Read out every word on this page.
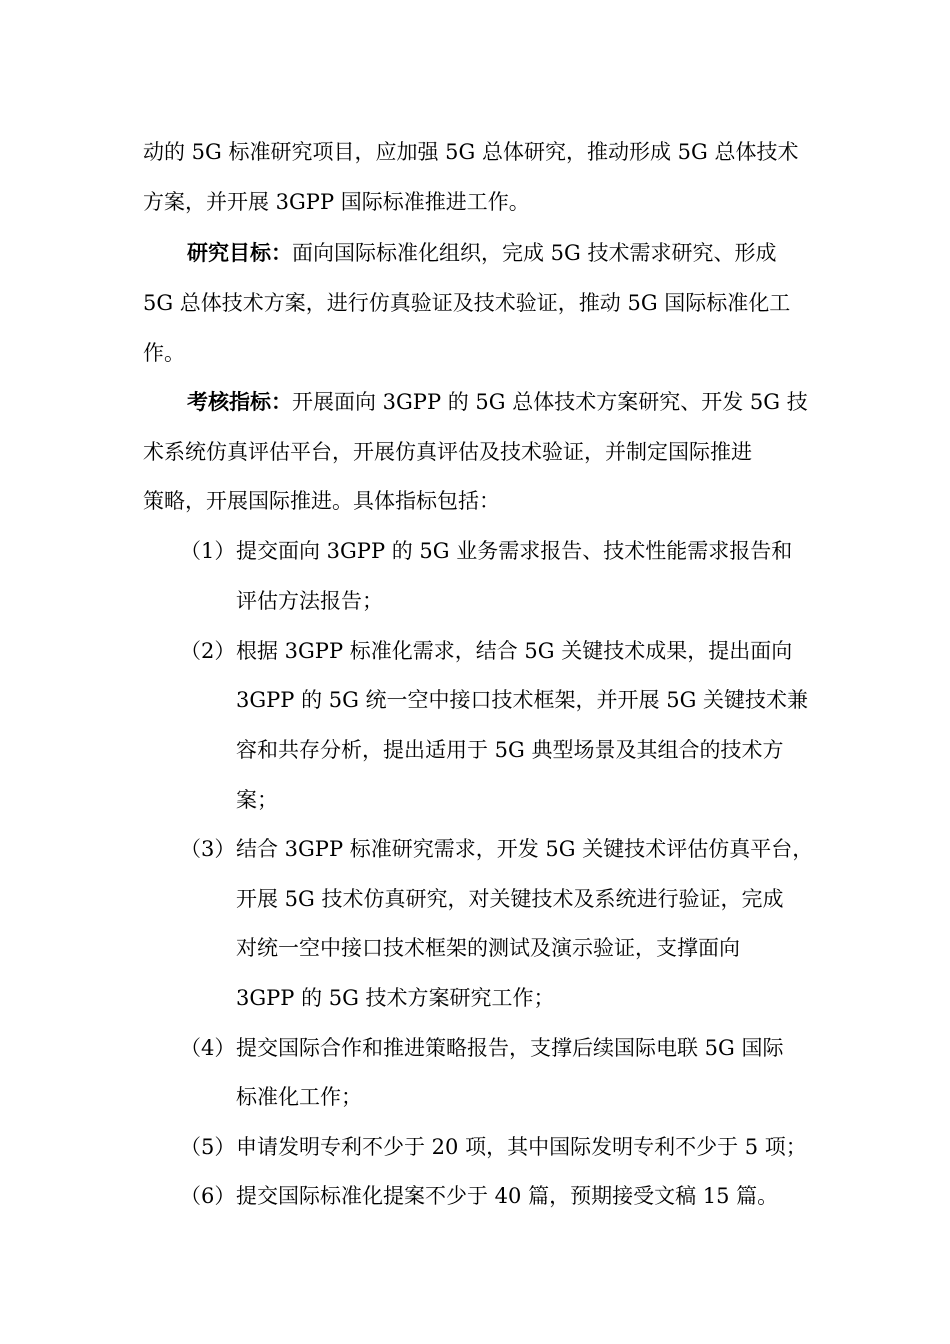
动的 5G 标准研究项目，应加强 5G 总体研究，推动形成 5G 总体技术
方案，并开展 3GPP 国际标准推进工作。
研究目标：面向国际标准化组织，完成 5G 技术需求研究、形成
5G 总体技术方案，进行仿真验证及技术验证，推动 5G 国际标准化工
作。
考核指标：开展面向 3GPP 的 5G 总体技术方案研究、开发 5G 技
术系统仿真评估平台，开展仿真评估及技术验证，并制定国际推进
策略，开展国际推进。具体指标包括：
（1） 提交面向 3GPP 的 5G 业务需求报告、技术性能需求报告和
评估方法报告；
（2） 根据 3GPP 标准化需求，结合 5G 关键技术成果，提出面向
3GPP 的 5G 统一空中接口技术框架，并开展 5G 关键技术兼
容和共存分析，提出适用于 5G 典型场景及其组合的技术方
案；
（3） 结合 3GPP 标准研究需求，开发 5G 关键技术评估仿真平台，
开展 5G 技术仿真研究，对关键技术及系统进行验证，完成
对统一空中接口技术框架的测试及演示验证，支撑面向
3GPP 的 5G 技术方案研究工作；
（4） 提交国际合作和推进策略报告，支撑后续国际电联 5G 国际
标准化工作；
（5） 申请发明专利不少于 20 项，其中国际发明专利不少于 5 项；
（6） 提交国际标准化提案不少于 40 篇，预期接受文稿 15 篇。
